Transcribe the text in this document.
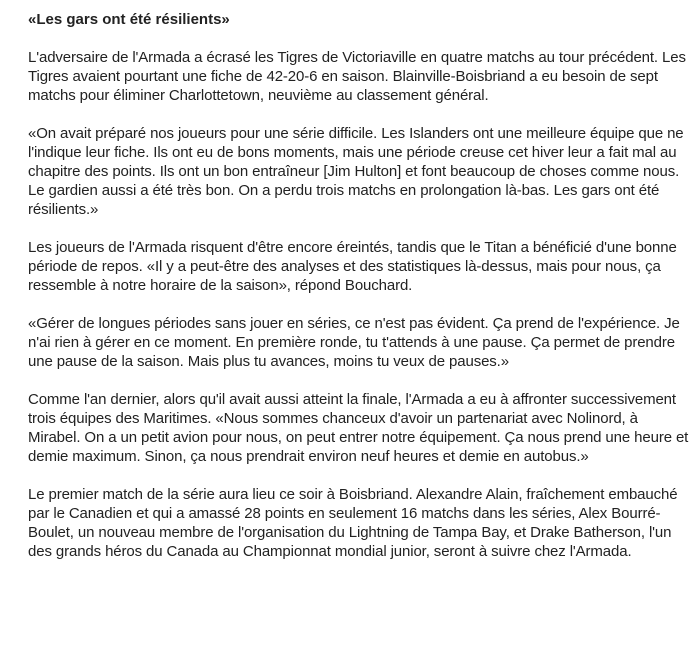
«Les gars ont été résilients»

L'adversaire de l'Armada a écrasé les Tigres de Victoriaville en quatre matchs au tour précédent. Les Tigres avaient pourtant une fiche de 42-20-6 en saison. Blainville-Boisbriand a eu besoin de sept matchs pour éliminer Charlottetown, neuvième au classement général.

«On avait préparé nos joueurs pour une série difficile. Les Islanders ont une meilleure équipe que ne l'indique leur fiche. Ils ont eu de bons moments, mais une période creuse cet hiver leur a fait mal au chapitre des points. Ils ont un bon entraîneur [Jim Hulton] et font beaucoup de choses comme nous. Le gardien aussi a été très bon. On a perdu trois matchs en prolongation là-bas. Les gars ont été résilients.»

Les joueurs de l'Armada risquent d'être encore éreintés, tandis que le Titan a bénéficié d'une bonne période de repos. «Il y a peut-être des analyses et des statistiques là-dessus, mais pour nous, ça ressemble à notre horaire de la saison», répond Bouchard.

«Gérer de longues périodes sans jouer en séries, ce n'est pas évident. Ça prend de l'expérience. Je n'ai rien à gérer en ce moment. En première ronde, tu t'attends à une pause. Ça permet de prendre une pause de la saison. Mais plus tu avances, moins tu veux de pauses.»

Comme l'an dernier, alors qu'il avait aussi atteint la finale, l'Armada a eu à affronter successivement trois équipes des Maritimes. «Nous sommes chanceux d'avoir un partenariat avec Nolinord, à Mirabel. On a un petit avion pour nous, on peut entrer notre équipement. Ça nous prend une heure et demie maximum. Sinon, ça nous prendrait environ neuf heures et demie en autobus.»

Le premier match de la série aura lieu ce soir à Boisbriand. Alexandre Alain, fraîchement embauché par le Canadien et qui a amassé 28 points en seulement 16 matchs dans les séries, Alex Bourré-Boulet, un nouveau membre de l'organisation du Lightning de Tampa Bay, et Drake Batherson, l'un des grands héros du Canada au Championnat mondial junior, seront à suivre chez l'Armada.
